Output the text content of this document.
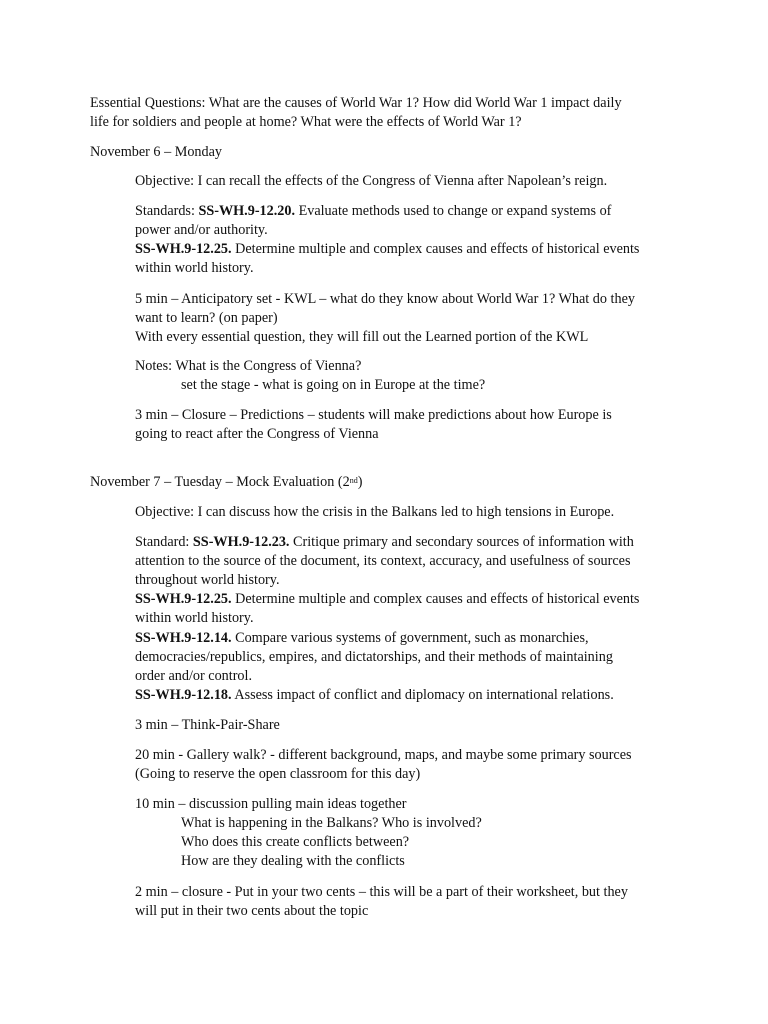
Essential Questions: What are the causes of World War 1? How did World War 1 impact daily

life for soldiers and people at home? What were the effects of World War 1?

November 6 – Monday

Objective: I can recall the effects of the Congress of Vienna after Napolean’s reign.

Standards: SS-WH.9-12.20. Evaluate methods used to change or expand systems of

power and/or authority.

SS-WH.9-12.25. Determine multiple and complex causes and effects of historical events

within world history.

5 min – Anticipatory set - KWL – what do they know about World War 1? What do they

want to learn? (on paper)

With every essential question, they will fill out the Learned portion of the KWL

Notes: What is the Congress of Vienna?

set the stage - what is going on in Europe at the time?

3 min – Closure – Predictions – students will make predictions about how Europe is

going to react after the Congress of Vienna

November 7 – Tuesday – Mock Evaluation (2nd)

Objective: I can discuss how the crisis in the Balkans led to high tensions in Europe.

Standard: SS-WH.9-12.23. Critique primary and secondary sources of information with

attention to the source of the document, its context, accuracy, and usefulness of sources

throughout world history.

SS-WH.9-12.25. Determine multiple and complex causes and effects of historical events

within world history.

SS-WH.9-12.14. Compare various systems of government, such as monarchies,

democracies/republics, empires, and dictatorships, and their methods of maintaining

order and/or control.

SS-WH.9-12.18. Assess impact of conflict and diplomacy on international relations.

3 min – Think-Pair-Share

20 min - Gallery walk? - different background, maps, and maybe some primary sources

(Going to reserve the open classroom for this day)

10 min – discussion pulling main ideas together

What is happening in the Balkans? Who is involved?

Who does this create conflicts between?

How are they dealing with the conflicts

2 min – closure - Put in your two cents – this will be a part of their worksheet, but they

will put in their two cents about the topic
